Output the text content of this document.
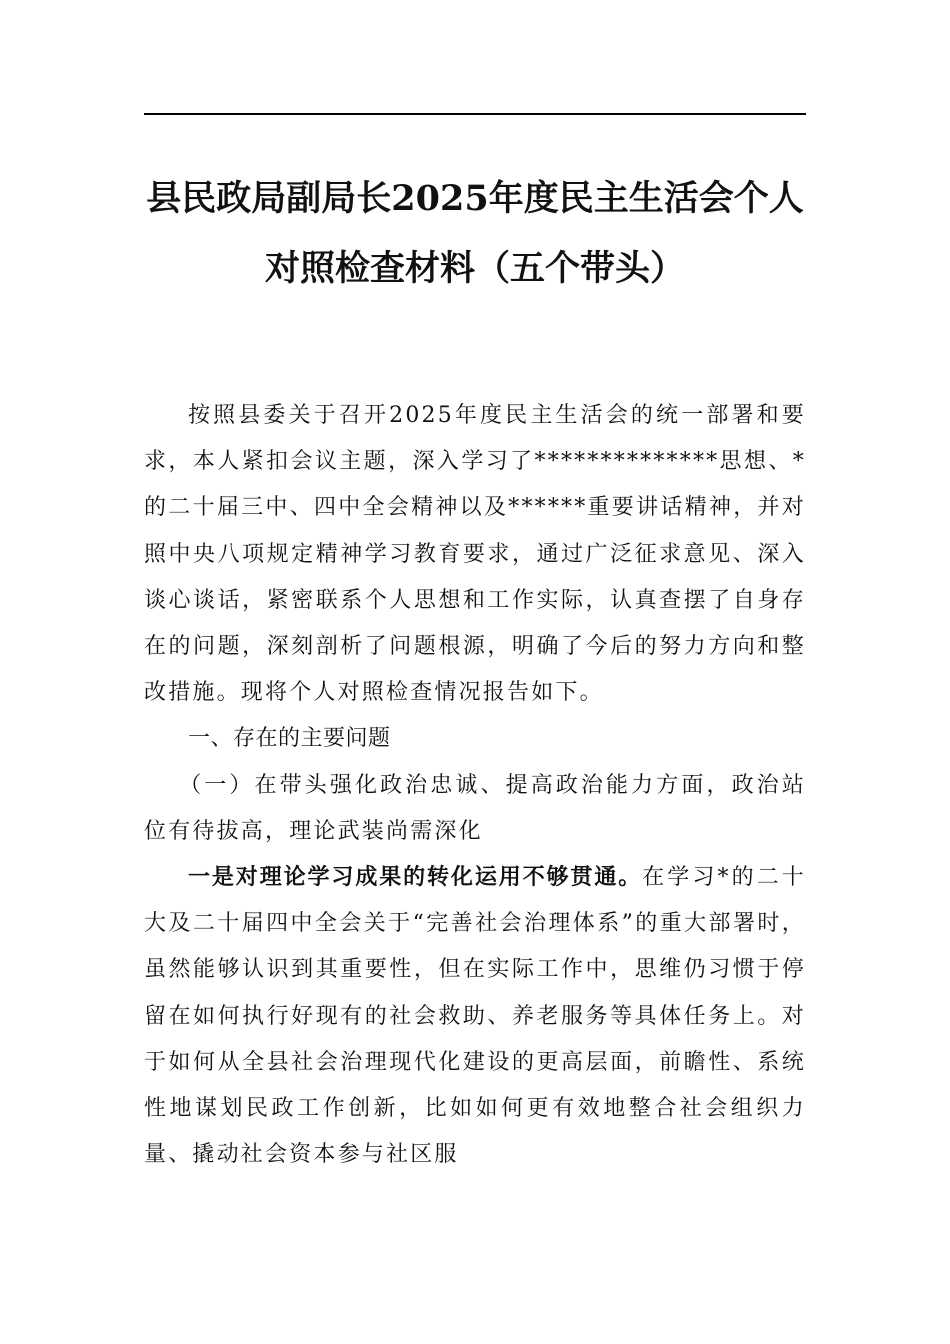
县民政局副局长2025年度民主生活会个人
对照检查材料（五个带头）

按照县委关于召开2025年度民主生活会的统一部署和要求，本人紧扣会议主题，深入学习了**************思想、*的二十届三中、四中全会精神以及******重要讲话精神，并对照中央八项规定精神学习教育要求，通过广泛征求意见、深入谈心谈话，紧密联系个人思想和工作实际，认真查摆了自身存在的问题，深刻剖析了问题根源，明确了今后的努力方向和整改措施。现将个人对照检查情况报告如下。

一、存在的主要问题

（一）在带头强化政治忠诚、提高政治能力方面，政治站位有待拔高，理论武装尚需深化

一是对理论学习成果的转化运用不够贯通。在学习*的二十大及二十届四中全会关于“完善社会治理体系”的重大部署时，虽然能够认识到其重要性，但在实际工作中，思维仍习惯于停留在如何执行好现有的社会救助、养老服务等具体任务上。对于如何从全县社会治理现代化建设的更高层面，前瞻性、系统性地谋划民政工作创新，比如如何更有效地整合社会组织力量、撬动社会资本参与社区服
